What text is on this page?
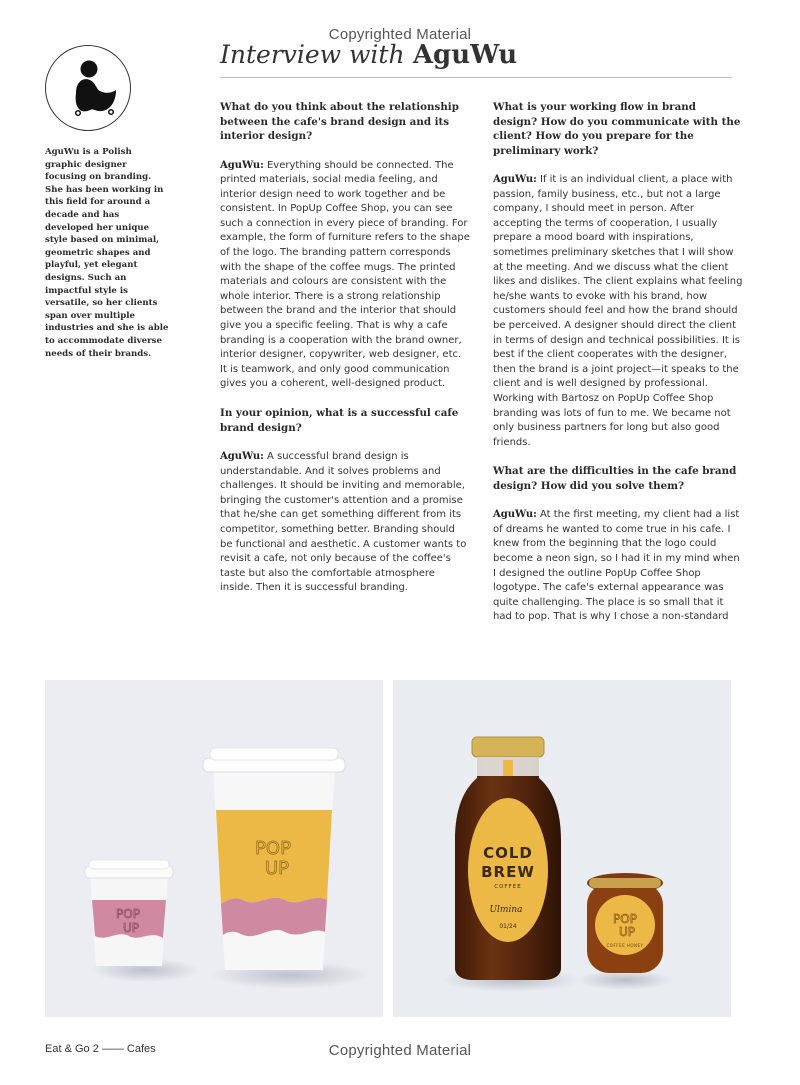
Copyrighted Material
AguWu is a Polish graphic designer focusing on branding. She has been working in this field for around a decade and has developed her unique style based on minimal, geometric shapes and playful, yet elegant designs. Such an impactful style is versatile, so her clients span over multiple industries and she is able to accommodate diverse needs of their brands.
Interview with AguWu

What do you think about the relationship between the cafe's brand design and its interior design?

AguWu: Everything should be connected. The printed materials, social media feeling, and interior design need to work together and be consistent. In PopUp Coffee Shop, you can see such a connection in every piece of branding. For example, the form of furniture refers to the shape of the logo. The branding pattern corresponds with the shape of the coffee mugs. The printed materials and colours are consistent with the whole interior. There is a strong relationship between the brand and the interior that should give you a specific feeling. That is why a cafe branding is a cooperation with the brand owner, interior designer, copywriter, web designer, etc. It is teamwork, and only good communication gives you a coherent, well-designed product.

In your opinion, what is a successful cafe brand design?

AguWu: A successful brand design is understandable. And it solves problems and challenges. It should be inviting and memorable, bringing the customer's attention and a promise that he/she can get something different from its competitor, something better. Branding should be functional and aesthetic. A customer wants to revisit a cafe, not only because of the coffee's taste but also the comfortable atmosphere inside. Then it is successful branding.

What is your working flow in brand design? How do you communicate with the client? How do you prepare for the preliminary work?

AguWu: If it is an individual client, a place with passion, family business, etc., but not a large company, I should meet in person. After accepting the terms of cooperation, I usually prepare a mood board with inspirations, sometimes preliminary sketches that I will show at the meeting. And we discuss what the client likes and dislikes. The client explains what feeling he/she wants to evoke with his brand, how customers should feel and how the brand should be perceived. A designer should direct the client in terms of design and technical possibilities. It is best if the client cooperates with the designer, then the brand is a joint project—it speaks to the client and is well designed by professional. Working with Bartosz on PopUp Coffee Shop branding was lots of fun to me. We became not only business partners for long but also good friends.

What are the difficulties in the cafe brand design? How did you solve them?

AguWu: At the first meeting, my client had a list of dreams he wanted to come true in his cafe. I knew from the beginning that the logo could become a neon sign, so I had it in my mind when I designed the outline PopUp Coffee Shop logotype. The cafe's external appearance was quite challenging. The place is so small that it had to pop. That is why I chose a non-standard

POP
UP
POP
UP
COLD
BREW
COFFEE
Ulmina
01/24
POP
UP
COFFEE HONEY
Eat & Go 2 —— Cafes	Copyrighted Material
